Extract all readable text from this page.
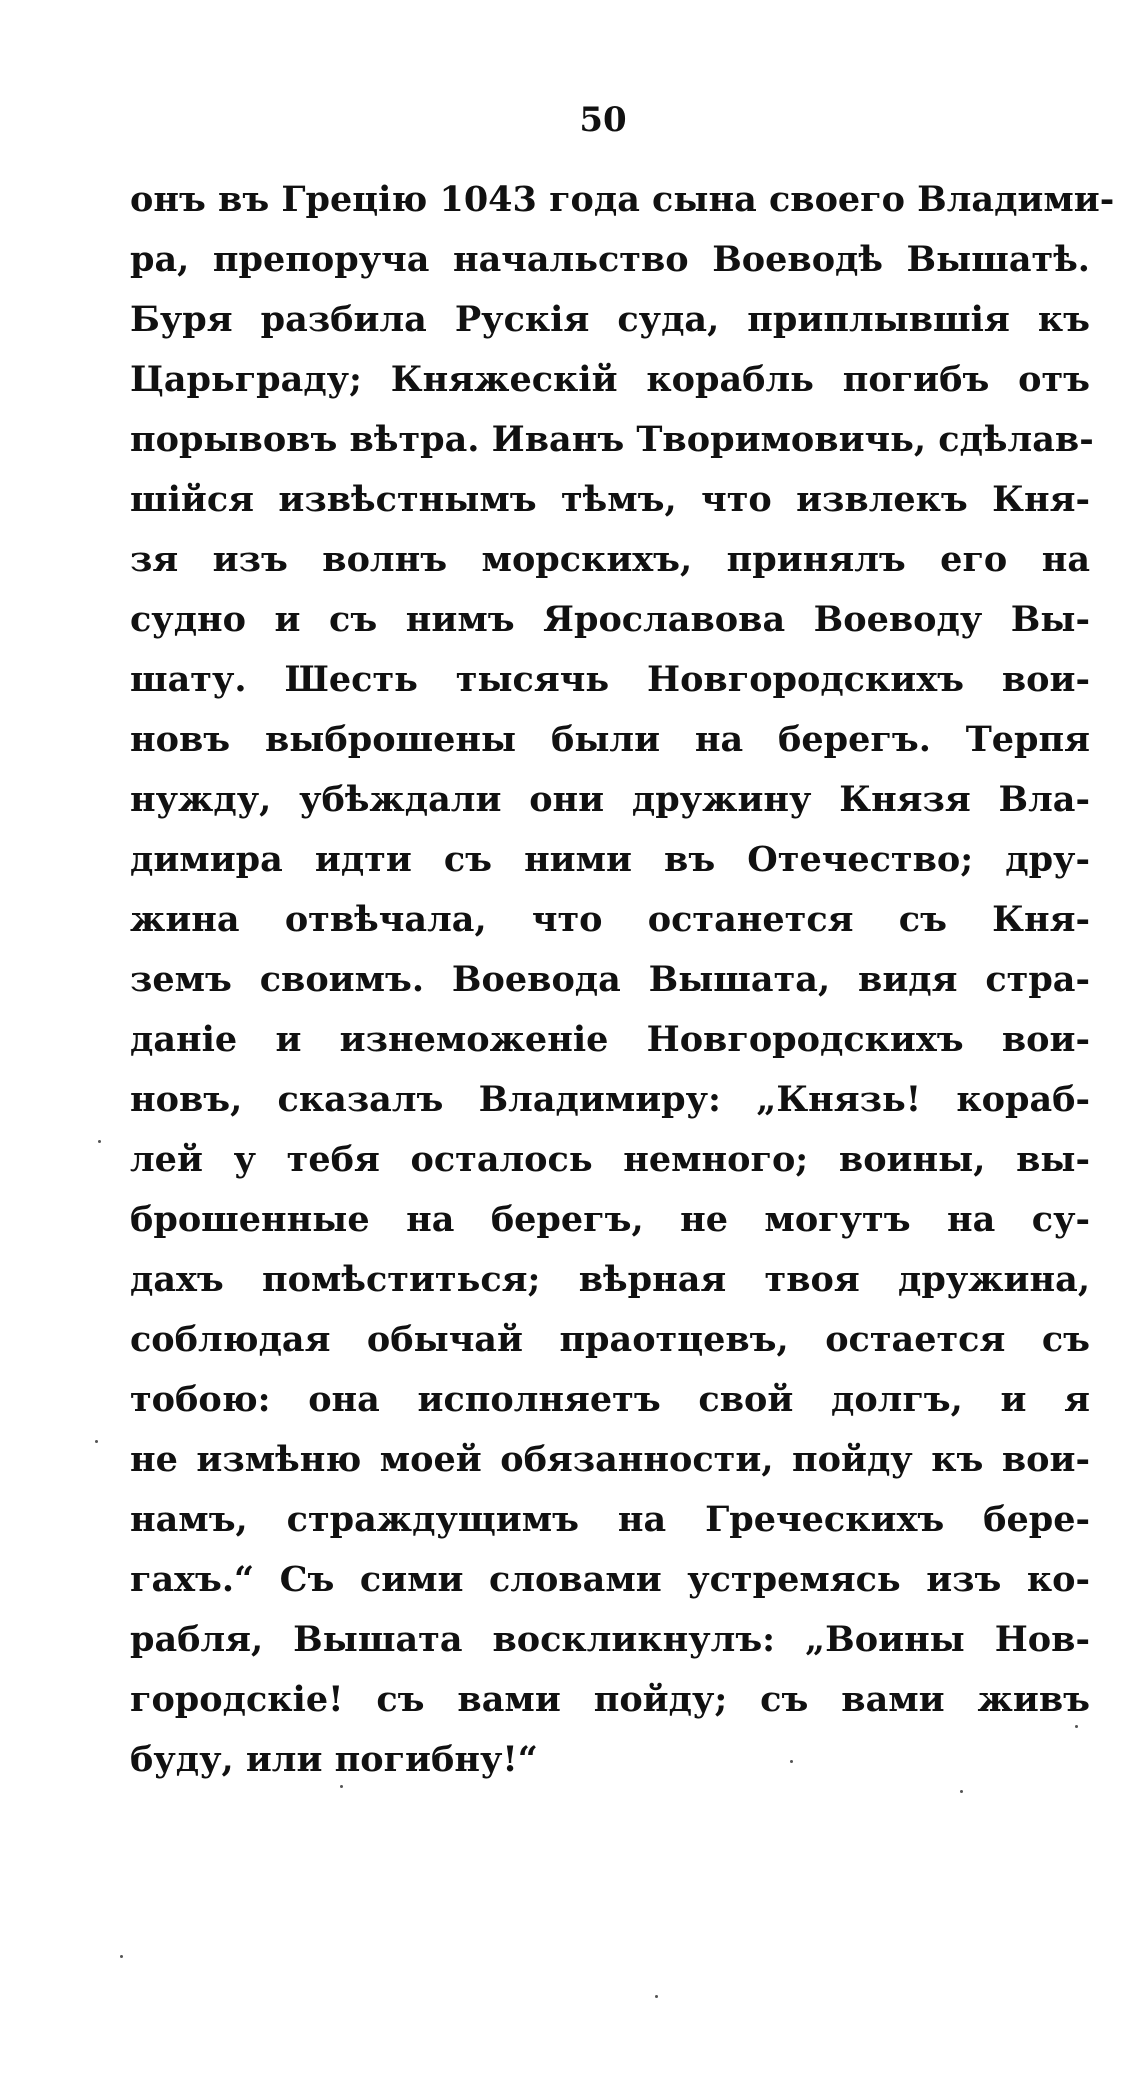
50
онъ въ Грецію 1043 года сына своего Владими-
ра, препоруча начальство Воеводѣ Вышатѣ.
Буря разбила Рускія суда, приплывшія къ
Царьграду; Княжескій корабль погибъ отъ
порывовъ вѣтра. Иванъ Творимовичь, сдѣлав-
шійся извѣстнымъ тѣмъ, что извлекъ Кня-
зя изъ волнъ морскихъ, принялъ его на
судно и съ нимъ Ярославова Воеводу Вы-
шату. Шесть тысячь Новгородскихъ вои-
новъ выброшены были на берегъ. Терпя
нужду, убѣждали они дружину Князя Вла-
димира идти съ ними въ Отечество; дру-
жина отвѣчала, что останется съ Кня-
земъ своимъ. Воевода Вышата, видя стра-
даніе и изнеможеніе Новгородскихъ вои-
новъ, сказалъ Владимиру: „Князь! кораб-
лей у тебя осталось немного; воины, вы-
брошенные на берегъ, не могутъ на су-
дахъ помѣститься; вѣрная твоя дружина,
соблюдая обычай праотцевъ, остается съ
тобою: она исполняетъ свой долгъ, и я
не измѣню моей обязанности, пойду къ вои-
намъ, страждущимъ на Греческихъ бере-
гахъ.“ Съ сими словами устремясь изъ ко-
рабля, Вышата воскликнулъ: „Воины Нов-
городскіе! съ вами пойду; съ вами живъ
буду, или погибну!“
